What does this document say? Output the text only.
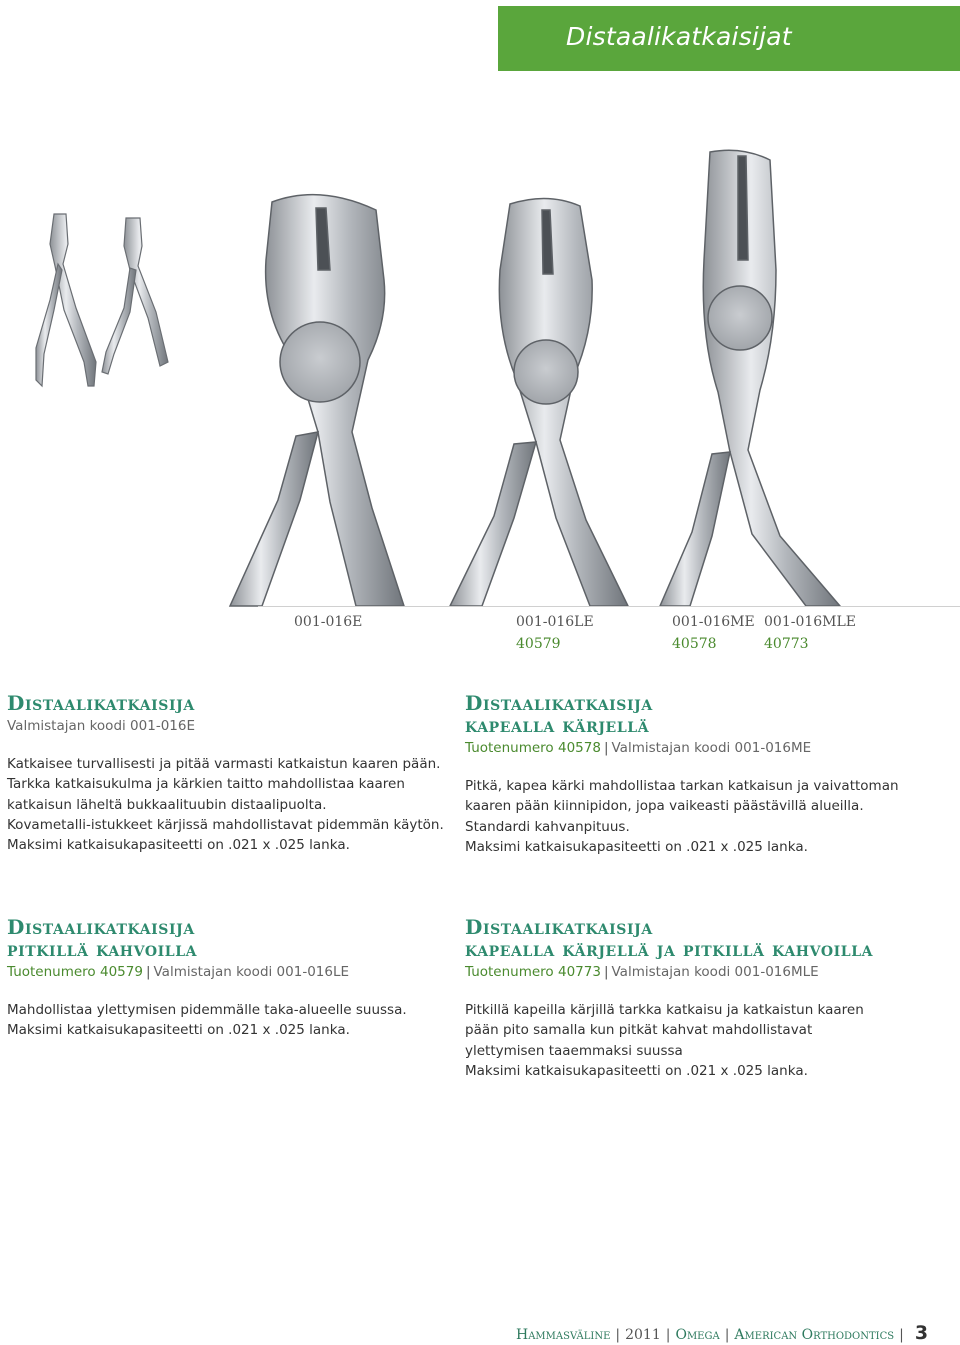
Distaalikatkaisijat
001-016E	001-016LE
40579
001-016ME
40578
001-016MLE
40773
Distaalikatkaisija
Valmistajan koodi 001-016E

Katkaisee turvallisesti ja pitää varmasti katkaistun kaaren pään.

Tarkka katkaisukulma ja kärkien taitto mahdollistaa kaaren

katkaisun läheltä bukkaalituubin distaalipuolta.

Kovametalli-istukkeet kärjissä mahdollistavat pidemmän käytön.

Maksimi katkaisukapasiteetti on .021 x .025 lanka.

Distaalikatkaisija
kapealla kärjellä
Tuotenumero 40578 | Valmistajan koodi 001-016ME

Pitkä, kapea kärki mahdollistaa tarkan katkaisun ja vaivattoman

kaaren pään kiinnipidon, jopa vaikeasti päästävillä alueilla.

Standardi kahvanpituus.

Maksimi katkaisukapasiteetti on .021 x .025 lanka.

Distaalikatkaisija
pitkillä kahvoilla
Tuotenumero 40579 | Valmistajan koodi 001-016LE

Mahdollistaa ylettymisen pidemmälle taka-alueelle suussa.

Maksimi katkaisukapasiteetti on .021 x .025 lanka.

Distaalikatkaisija
kapealla kärjellä ja pitkillä kahvoilla
Tuotenumero 40773 | Valmistajan koodi 001-016MLE

Pitkillä kapeilla kärjillä tarkka katkaisu ja katkaistun kaaren

pään pito samalla kun pitkät kahvat mahdollistavat

ylettymisen taaemmaksi suussa

Maksimi katkaisukapasiteetti on .021 x .025 lanka.

Hammasväline | 2011 | Omega | American Orthodontics | 3
